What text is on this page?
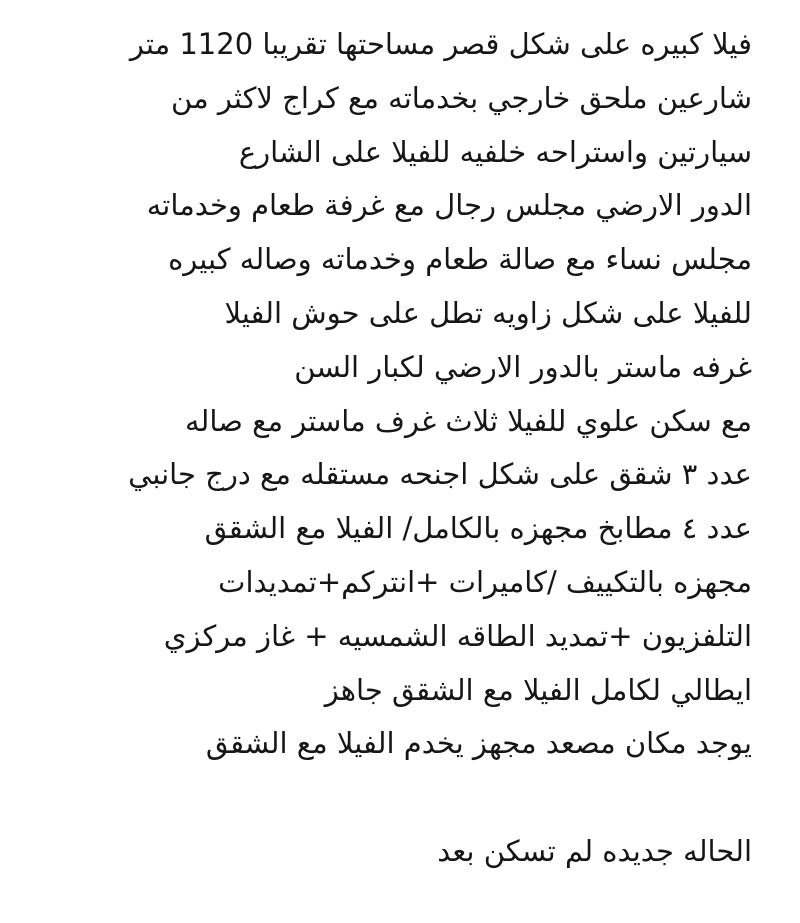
فيلا كبيره على شكل قصر مساحتها تقريبا 1120 متر
شارعين ملحق خارجي بخدماته مع كراج لاكثر من
سيارتين واستراحه خلفيه للفيلا على الشارع
الدور الارضي مجلس رجال مع غرفة طعام وخدماته
مجلس نساء مع صالة طعام وخدماته وصاله كبيره
للفيلا على شكل زاويه تطل على حوش الفيلا
غرفه ماستر بالدور الارضي لكبار السن
مع سكن علوي للفيلا ثلاث غرف ماستر مع صاله
عدد ٣ شقق على شكل اجنحه مستقله مع درج جانبي
عدد ٤ مطابخ مجهزه بالكامل/ الفيلا مع الشقق
مجهزه بالتكييف /كاميرات +انتركم+تمديدات
التلفزيون +تمديد الطاقه الشمسيه + غاز مركزي
ايطالي لكامل الفيلا مع الشقق جاهز
يوجد مكان مصعد مجهز يخدم الفيلا مع الشقق
الحاله جديده لم تسكن بعد
